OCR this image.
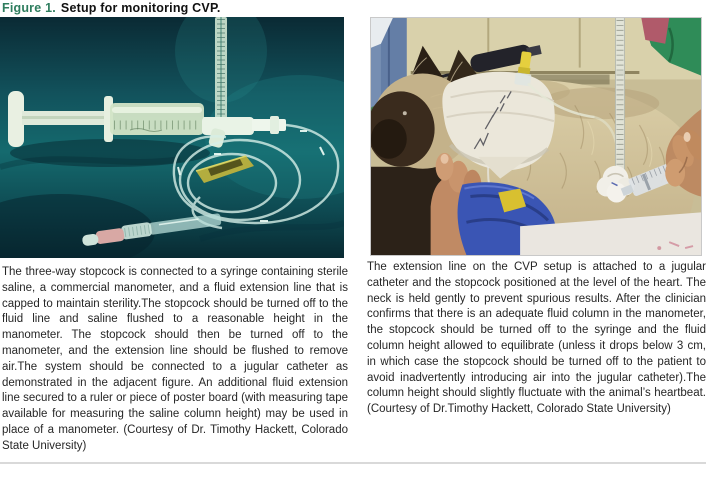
Figure 1. Setup for monitoring CVP.

The three-way stopcock is connected to a syringe containing sterile saline, a commercial manometer, and a fluid extension line that is capped to maintain sterility.The stopcock should be turned off to the fluid line and saline flushed to a reasonable height in the manometer. The stopcock should then be turned off to the manometer, and the extension line should be flushed to remove air.The system should be connected to a jugular catheter as demonstrated in the adjacent figure. An additional fluid extension line secured to a ruler or piece of poster board (with measuring tape available for measuring the saline column height) may be used in place of a manometer. (Courtesy of Dr. Timothy Hackett, Colorado State University)

The extension line on the CVP setup is attached to a jugular catheter and the stopcock positioned at the level of the heart. The neck is held gently to prevent spurious results. After the clinician confirms that there is an adequate fluid column in the manometer, the stopcock should be turned off to the syringe and the fluid column height allowed to equilibrate (unless it drops below 3 cm, in which case the stopcock should be turned off to the patient to avoid inadvertently introducing air into the jugular catheter).The column height should slightly fluctuate with the animal’s heartbeat. (Courtesy of Dr.Timothy Hackett, Colorado State University)
